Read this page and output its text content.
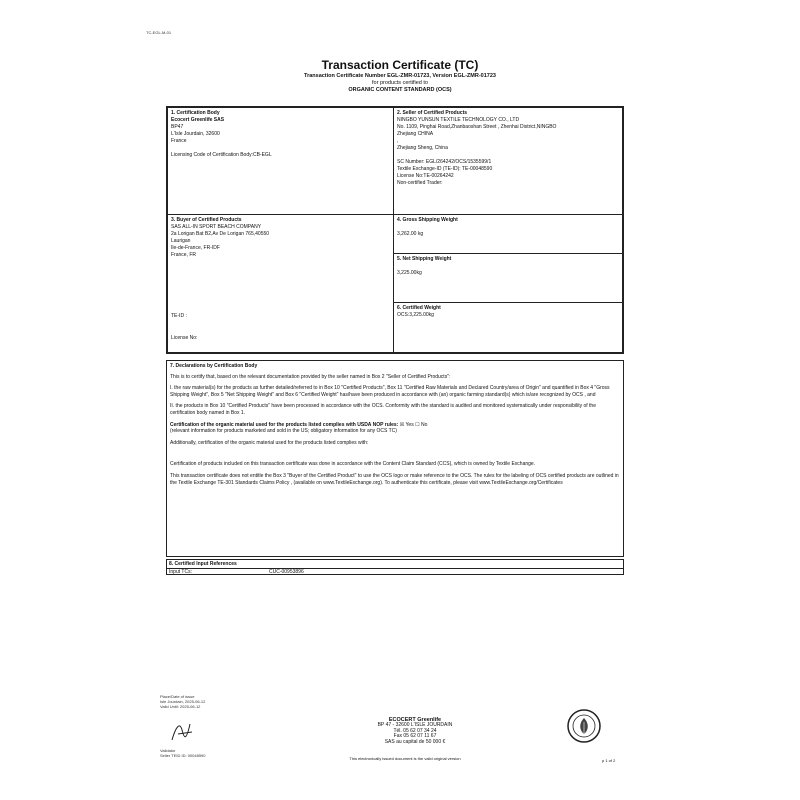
TC-EGL-M-01
Transaction Certificate (TC)
Transaction Certificate Number EGL-ZMR-01723, Version EGL-ZMR-01723
for products certified to
ORGANIC CONTENT STANDARD (OCS)
1. Certification Body
Ecocert Greenlife SAS
BP47
L'Isle Jourdain, 32600
France

Licensing Code of Certification Body:CB-EGL
2. Seller of Certified Products
NINGBO YUNSUN TEXTILE TECHNOLOGY CO., LTD
No. 1109, Pinghai Road,Zhanbaoshan Street , Zhenhai District,NINGBO
Zhejiang CHINA
,
Zhejiang Sheng, China

SC Number: EGL/264242/OCS/1535599/1
Textile Exchange-ID (TE-ID): TE-00048590
License No:TE-00264242
Non-certified Trader:
3. Buyer of Certified Products
SAS ALL-IN SPORT BEACH COMPANY
2a Lorigan Bat B2,Av De Lorigan 765,40550
Laurigan
Ile-de-France, FR-IDF
France, FR
TE-ID :
License No:
4. Gross Shipping Weight

3,262.00 kg
5. Net Shipping Weight

3,225.00kg
6. Certified Weight
OCS:3,225.00kg

7. Declarations by Certification Body

This is to certify that, based on the relevant documentation provided by the seller named in Box 2 "Seller of Certified Products":

I. the raw material(s) for the products as further detailed/referred to in Box 10 "Certified Products", Box 11 "Certified Raw Materials and Declared Country/area of Origin" and quantified in Box 4 "Gross Shipping Weight", Box 5 "Net Shipping Weight" and Box 6 "Certified Weight" has/have been produced in accordance with (an) organic farming standard(s) which is/are recognized by OCS , and

II. the products in Box 10 "Certified Products" have been processed in accordance with the OCS. Conformity with the standard is audited and monitored systematically under responsibility of the certification body named in Box 1.

Certification of the organic material used for the products listed complies with USDA NOP rules: ☒ Yes ☐ No

(relevant information for products marketed and sold in the US; obligatory information for any OCS TC)

Additionally, certification of the organic material used for the products listed complies with:

Certification of products included on this transaction certificate was done in accordance with the Content Claim Standard (CCS), which is owned by Textile Exchange.

This transaction certificate does not entitle the Box 3 "Buyer of the Certified Product" to use the OCS logo or make reference to the OCS. The rules for the labeling of OCS certified products are outlined in the Textile Exchange TE-301 Standards Claims Policy , (available on www.TextileExchange.org). To authenticate this certificate, please visit www.TextileExchange.org/Certificates

8. Certified Input References
Input TCs:	CUC-00953896
Place/Date of issue
Isle Jourdain, 2025-06-12
Valid Until: 2025-06-12
Validator
Seller TEID ID: 00048590
ECOCERT Greenlife
BP 47 - 32600 L'ISLE JOURDAIN
Tél. 05 62 07 34 24
Fax 05 62 07 11 67
SAS au capital de 50 000 €
This electronically issued document is the valid original version	p 1 of 2
